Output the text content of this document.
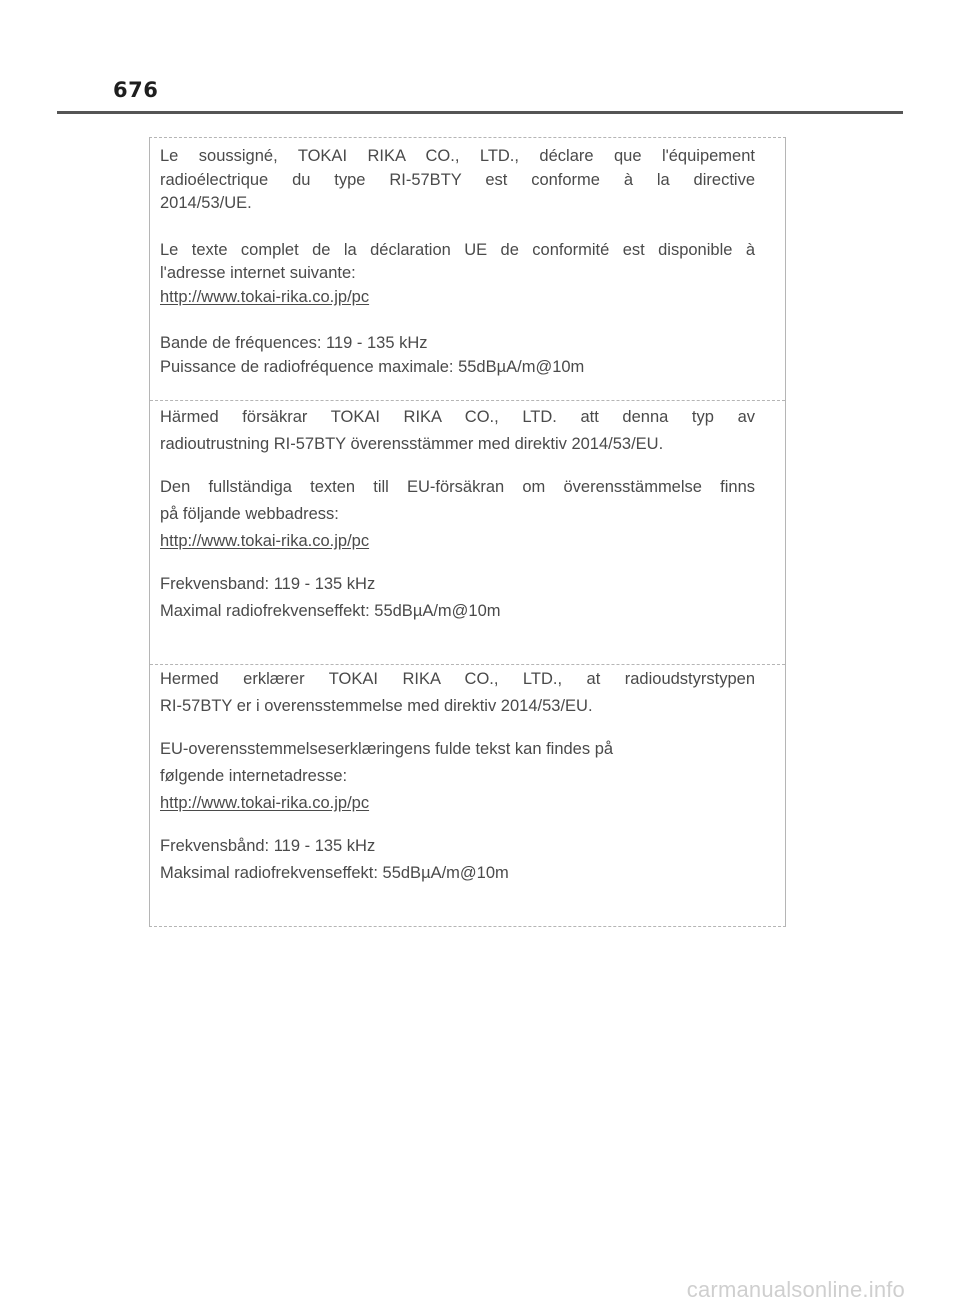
676

Le soussigné, TOKAI RIKA CO., LTD., déclare que l'équipement
radioélectrique du type RI-57BTY est conforme à la directive
2014/53/UE.

Le texte complet de la déclaration UE de conformité est disponible à
l'adresse internet suivante:
http://www.tokai-rika.co.jp/pc

Bande de fréquences: 119 - 135 kHz
Puissance de radiofréquence maximale: 55dBµA/m@10m

Härmed försäkrar TOKAI RIKA CO., LTD. att denna typ av
radioutrustning RI-57BTY överensstämmer med direktiv 2014/53/EU.

Den fullständiga texten till EU-försäkran om överensstämmelse finns
på följande webbadress:
http://www.tokai-rika.co.jp/pc

Frekvensband: 119 - 135 kHz
Maximal radiofrekvenseffekt: 55dBµA/m@10m

Hermed erklærer TOKAI RIKA CO., LTD., at radioudstyrstypen
RI-57BTY er i overensstemmelse med direktiv 2014/53/EU.

EU-overensstemmelseserklæringens fulde tekst kan findes på
følgende internetadresse:
http://www.tokai-rika.co.jp/pc

Frekvensbånd: 119 - 135 kHz
Maksimal radiofrekvenseffekt: 55dBµA/m@10m

carmanualsonline.info
